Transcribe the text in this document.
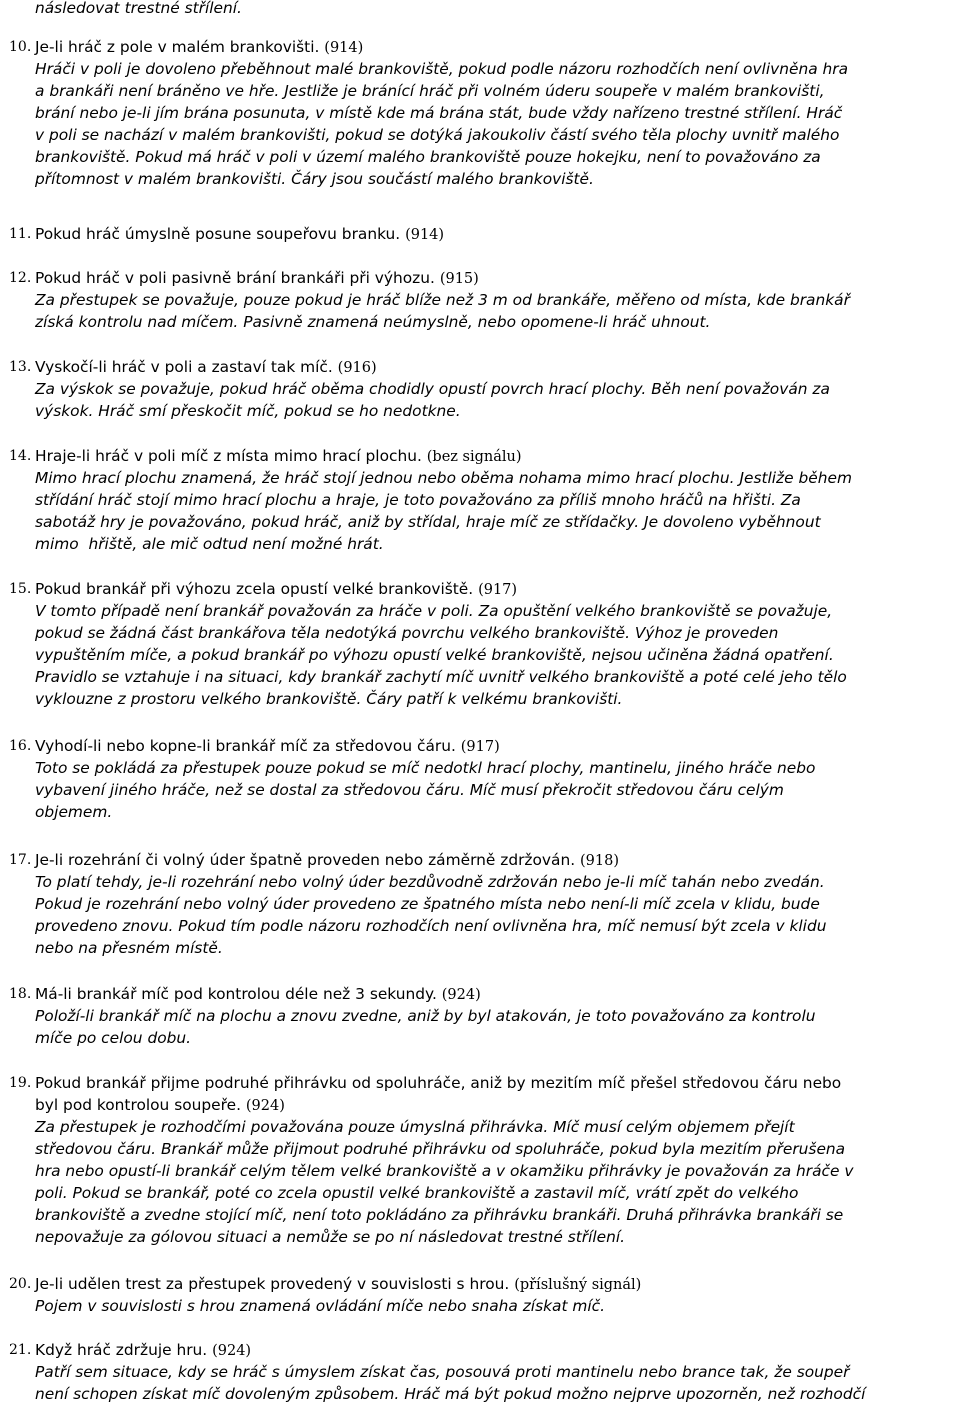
následovat trestné střílení.
10. Je-li hráč z pole v malém brankovišti. (914)
Hráči v poli je dovoleno přeběhnout malé brankoviště, pokud podle názoru rozhodčích není ovlivněna hra
a brankáři není bráněno ve hře. Jestliže je bránící hráč při volném úderu soupeře v malém brankovišti,
brání nebo je-li jím brána posunuta, v místě kde má brána stát, bude vždy nařízeno trestné střílení. Hráč
v poli se nachází v malém brankovišti, pokud se dotýká jakoukoliv částí svého těla plochy uvnitř malého
brankoviště. Pokud má hráč v poli v území malého brankoviště pouze hokejku, není to považováno za
přítomnost v malém brankovišti. Čáry jsou součástí malého brankoviště.
11. Pokud hráč úmyslně posune soupeřovu branku. (914)
12. Pokud hráč v poli pasivně brání brankáři při výhozu. (915)
Za přestupek se považuje, pouze pokud je hráč blíže než 3 m od brankáře, měřeno od místa, kde brankář
získá kontrolu nad míčem. Pasivně znamená neúmyslně, nebo opomene-li hráč uhnout.
13. Vyskočí-li hráč v poli a zastaví tak míč. (916)
Za výskok se považuje, pokud hráč oběma chodidly opustí povrch hrací plochy. Běh není považován za
výskok. Hráč smí přeskočit míč, pokud se ho nedotkne.
14. Hraje-li hráč v poli míč z místa mimo hrací plochu. (bez signálu)
Mimo hrací plochu znamená, že hráč stojí jednou nebo oběma nohama mimo hrací plochu. Jestliže během
střídání hráč stojí mimo hrací plochu a hraje, je toto považováno za příliš mnoho hráčů na hřišti. Za
sabotáž hry je považováno, pokud hráč, aniž by střídal, hraje míč ze střídačky. Je dovoleno vyběhnout
mimo  hřiště, ale mič odtud není možné hrát.
15. Pokud brankář při výhozu zcela opustí velké brankoviště. (917)
V tomto případě není brankář považován za hráče v poli. Za opuštění velkého brankoviště se považuje,
pokud se žádná část brankářova těla nedotýká povrchu velkého brankoviště. Výhoz je proveden
vypuštěním míče, a pokud brankář po výhozu opustí velké brankoviště, nejsou učiněna žádná opatření.
Pravidlo se vztahuje i na situaci, kdy brankář zachytí míč uvnitř velkého brankoviště a poté celé jeho tělo
vyklouzne z prostoru velkého brankoviště. Čáry patří k velkému brankovišti.
16. Vyhodí-li nebo kopne-li brankář míč za středovou čáru. (917)
Toto se pokládá za přestupek pouze pokud se míč nedotkl hrací plochy, mantinelu, jiného hráče nebo
vybavení jiného hráče, než se dostal za středovou čáru. Míč musí překročit středovou čáru celým
objemem.
17. Je-li rozehrání či volný úder špatně proveden nebo záměrně zdržován. (918)
To platí tehdy, je-li rozehrání nebo volný úder bezdůvodně zdržován nebo je-li míč tahán nebo zvedán.
Pokud je rozehrání nebo volný úder provedeno ze špatného místa nebo není-li míč zcela v klidu, bude
provedeno znovu. Pokud tím podle názoru rozhodčích není ovlivněna hra, míč nemusí být zcela v klidu
nebo na přesném místě.
18. Má-li brankář míč pod kontrolou déle než 3 sekundy. (924)
Položí-li brankář míč na plochu a znovu zvedne, aniž by byl atakován, je toto považováno za kontrolu
míče po celou dobu.
19. Pokud brankář přijme podruhé přihrávku od spoluhráče, aniž by mezitím míč přešel středovou čáru nebo
byl pod kontrolou soupeře. (924)
Za přestupek je rozhodčími považována pouze úmyslná přihrávka. Míč musí celým objemem přejít
středovou čáru. Brankář může přijmout podruhé přihrávku od spoluhráče, pokud byla mezitím přerušena
hra nebo opustí-li brankář celým tělem velké brankoviště a v okamžiku přihrávky je považován za hráče v
poli. Pokud se brankář, poté co zcela opustil velké brankoviště a zastavil míč, vrátí zpět do velkého
brankoviště a zvedne stojící míč, není toto pokládáno za přihrávku brankáři. Druhá přihrávka brankáři se
nepovažuje za gólovou situaci a nemůže se po ní následovat trestné střílení.
20. Je-li udělen trest za přestupek provedený v souvislosti s hrou. (příslušný signál)
Pojem v souvislosti s hrou znamená ovládání míče nebo snaha získat míč.
21. Když hráč zdržuje hru. (924)
Patří sem situace, kdy se hráč s úmyslem získat čas, posouvá proti mantinelu nebo brance tak, že soupeř
není schopen získat míč dovoleným způsobem. Hráč má být pokud možno nejprve upozorněn, než rozhodčí
